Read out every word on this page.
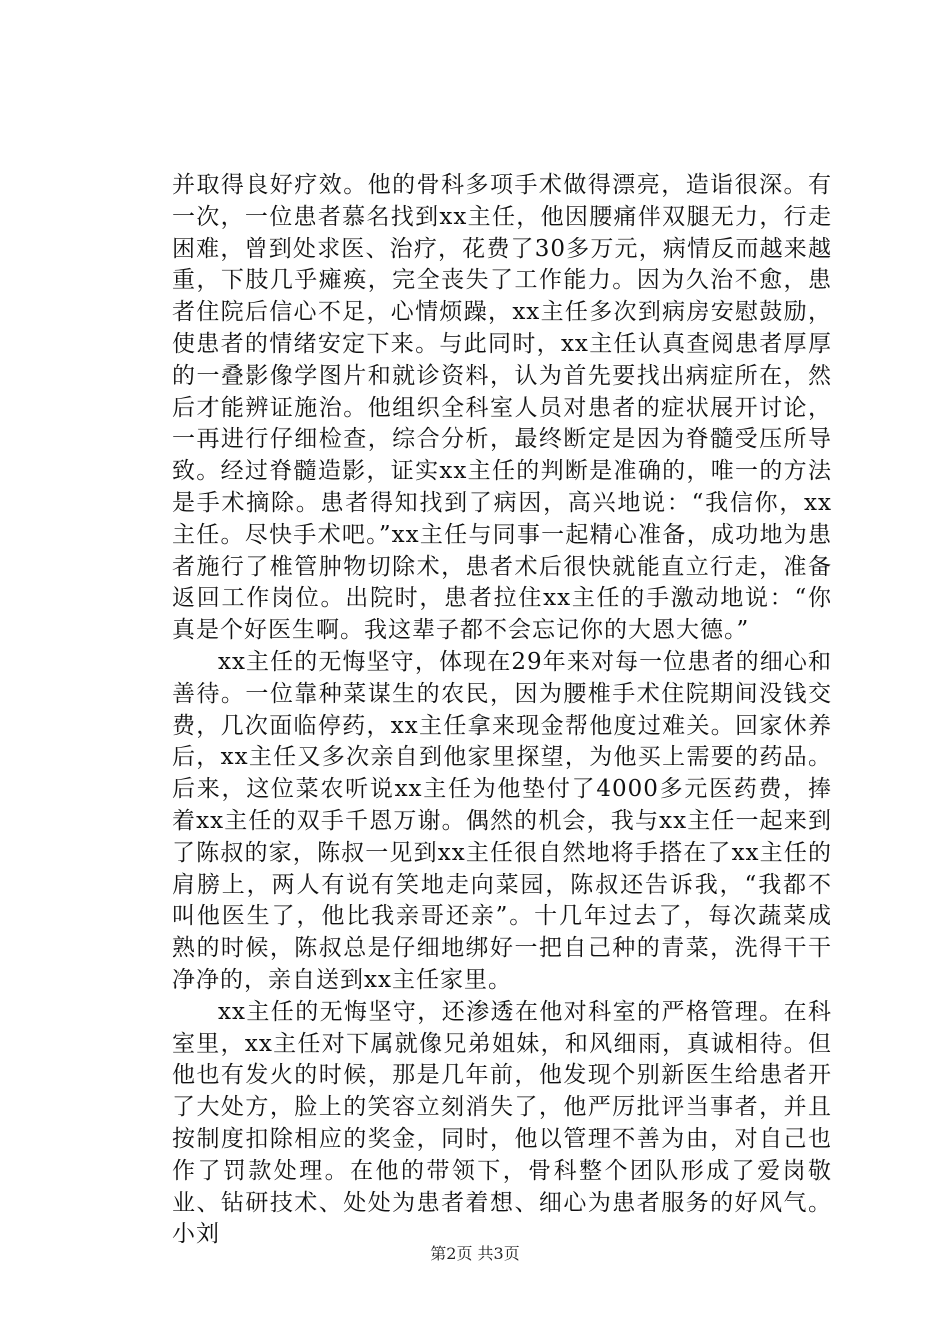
并取得良好疗效。他的骨科多项手术做得漂亮，造诣很深。有一次，一位患者慕名找到xx主任，他因腰痛伴双腿无力，行走困难，曾到处求医、治疗，花费了30多万元，病情反而越来越重，下肢几乎瘫痪，完全丧失了工作能力。因为久治不愈，患者住院后信心不足，心情烦躁，xx主任多次到病房安慰鼓励，使患者的情绪安定下来。与此同时，xx主任认真查阅患者厚厚的一叠影像学图片和就诊资料，认为首先要找出病症所在，然后才能辨证施治。他组织全科室人员对患者的症状展开讨论，一再进行仔细检查，综合分析，最终断定是因为脊髓受压所导致。经过脊髓造影，证实xx主任的判断是准确的，唯一的方法是手术摘除。患者得知找到了病因，高兴地说：“我信你，xx主任。尽快手术吧。”xx主任与同事一起精心准备，成功地为患者施行了椎管肿物切除术，患者术后很快就能直立行走，准备返回工作岗位。出院时，患者拉住xx主任的手激动地说：“你真是个好医生啊。我这辈子都不会忘记你的大恩大德。”

xx主任的无悔坚守，体现在29年来对每一位患者的细心和善待。一位靠种菜谋生的农民，因为腰椎手术住院期间没钱交费，几次面临停药，xx主任拿来现金帮他度过难关。回家休养后，xx主任又多次亲自到他家里探望，为他买上需要的药品。后来，这位菜农听说xx主任为他垫付了4000多元医药费，捧着xx主任的双手千恩万谢。偶然的机会，我与xx主任一起来到了陈叔的家，陈叔一见到xx主任很自然地将手搭在了xx主任的肩膀上，两人有说有笑地走向菜园，陈叔还告诉我，“我都不叫他医生了，他比我亲哥还亲”。十几年过去了，每次蔬菜成熟的时候，陈叔总是仔细地绑好一把自己种的青菜，洗得干干净净的，亲自送到xx主任家里。

xx主任的无悔坚守，还渗透在他对科室的严格管理。在科室里，xx主任对下属就像兄弟姐妹，和风细雨，真诚相待。但他也有发火的时候，那是几年前，他发现个别新医生给患者开了大处方，脸上的笑容立刻消失了，他严厉批评当事者，并且按制度扣除相应的奖金，同时，他以管理不善为由，对自己也作了罚款处理。在他的带领下，骨科整个团队形成了爱岗敬业、钻研技术、处处为患者着想、细心为患者服务的好风气。小刘

第2页 共3页
